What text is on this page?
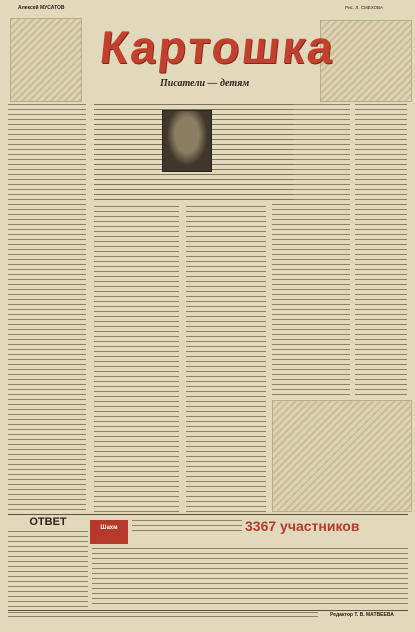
Алексей МУСАТОВ	Рис. Л. СМЕХОВА
Картошка
Писатели — детям
ОТВЕТ	Шахм	3367 участников
Редактор Т. В. МАТВЕЕВА
